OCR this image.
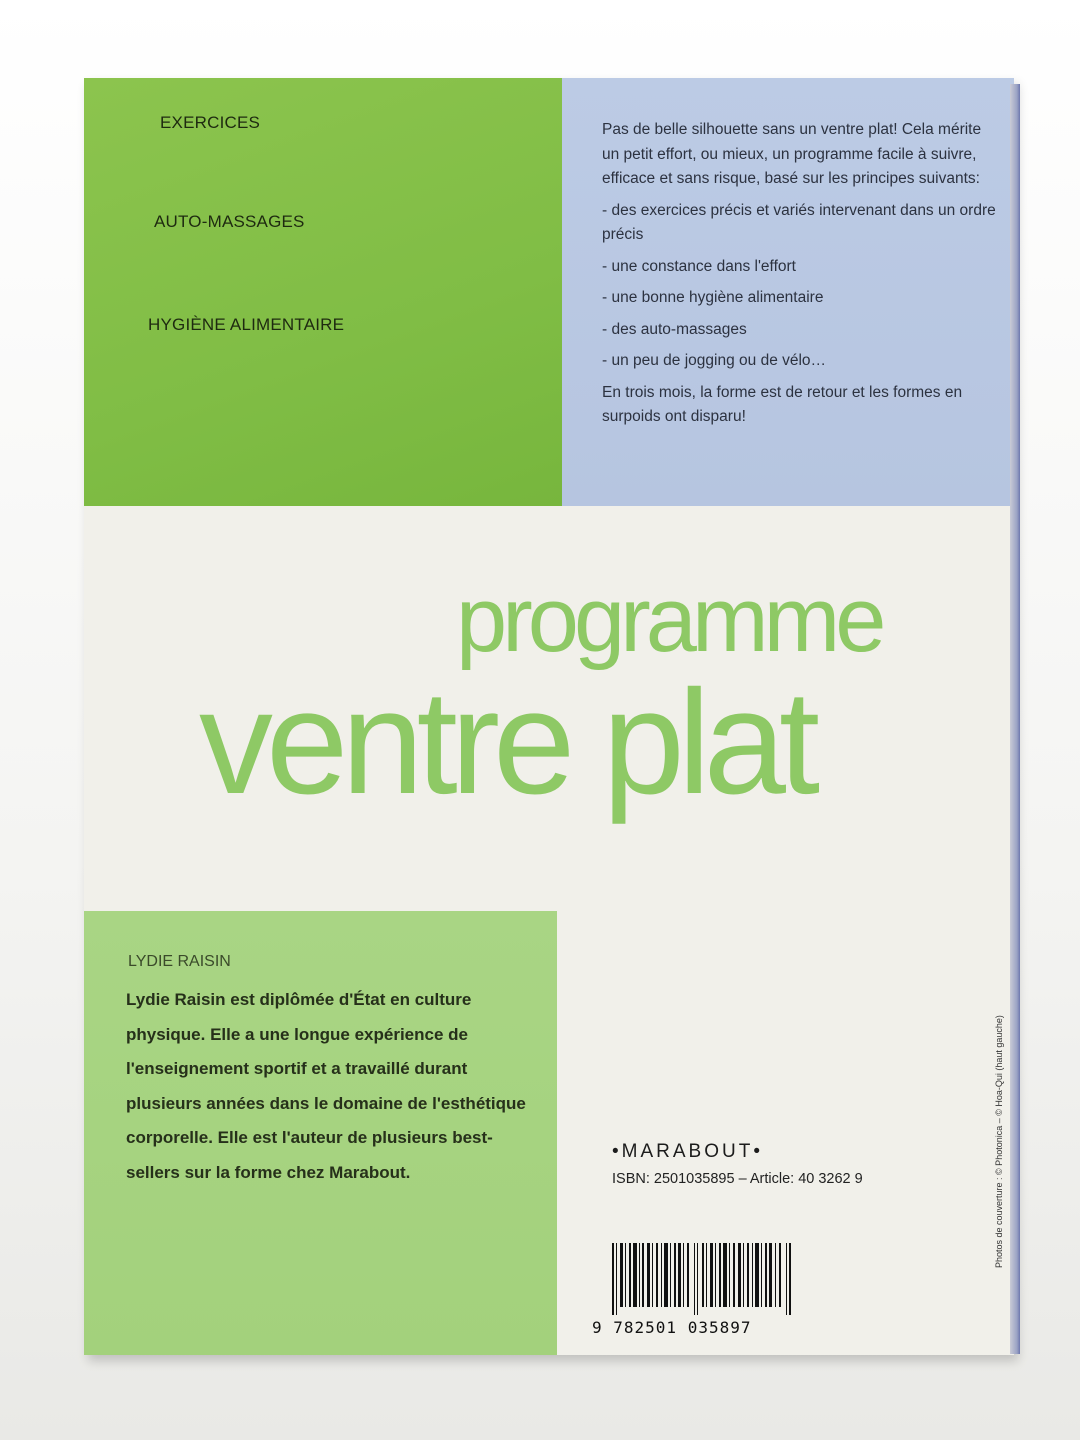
EXERCICES
AUTO-MASSAGES
HYGIÈNE ALIMENTAIRE

Pas de belle silhouette sans un ventre plat! Cela mérite un petit effort, ou mieux, un programme facile à suivre, efficace et sans risque, basé sur les principes suivants:

- des exercices précis et variés intervenant dans un ordre précis
- une constance dans l'effort
- une bonne hygiène alimentaire
- des auto-massages
- un peu de jogging ou de vélo…

En trois mois, la forme est de retour et les formes en surpoids ont disparu!

programme
ventre plat
LYDIE RAISIN
Lydie Raisin est diplômée d'État en culture physique. Elle a une longue expérience de l'enseignement sportif et a travaillé durant plusieurs années dans le domaine de l'esthétique corporelle. Elle est l'auteur de plusieurs best-sellers sur la forme chez Marabout.
•MARABOUT•
ISBN: 2501035895 – Article: 40 3262 9
9 782501 035897
Photos de couverture : © Photonica – © Hoa-Qui (haut gauche)
